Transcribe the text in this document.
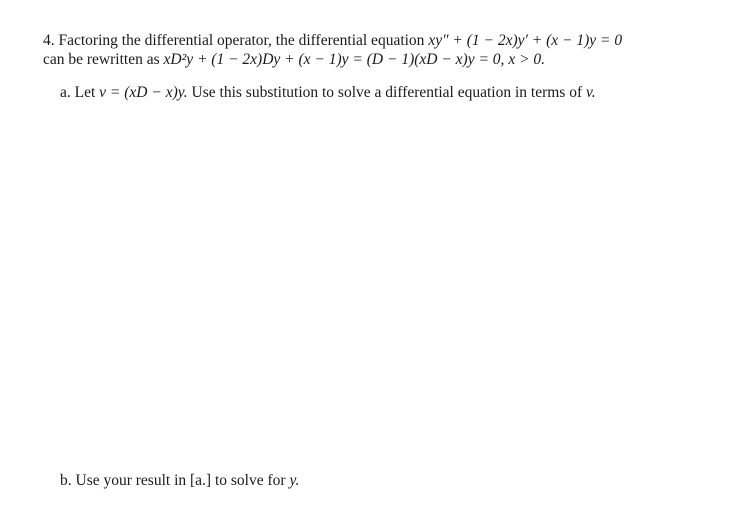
4. Factoring the differential operator, the differential equation xy″ + (1 − 2x)y′ + (x − 1)y = 0
can be rewritten as xD²y + (1 − 2x)Dy + (x − 1)y = (D − 1)(xD − x)y = 0, x > 0.
a. Let v = (xD − x)y. Use this substitution to solve a differential equation in terms of v.
b. Use your result in [a.] to solve for y.
